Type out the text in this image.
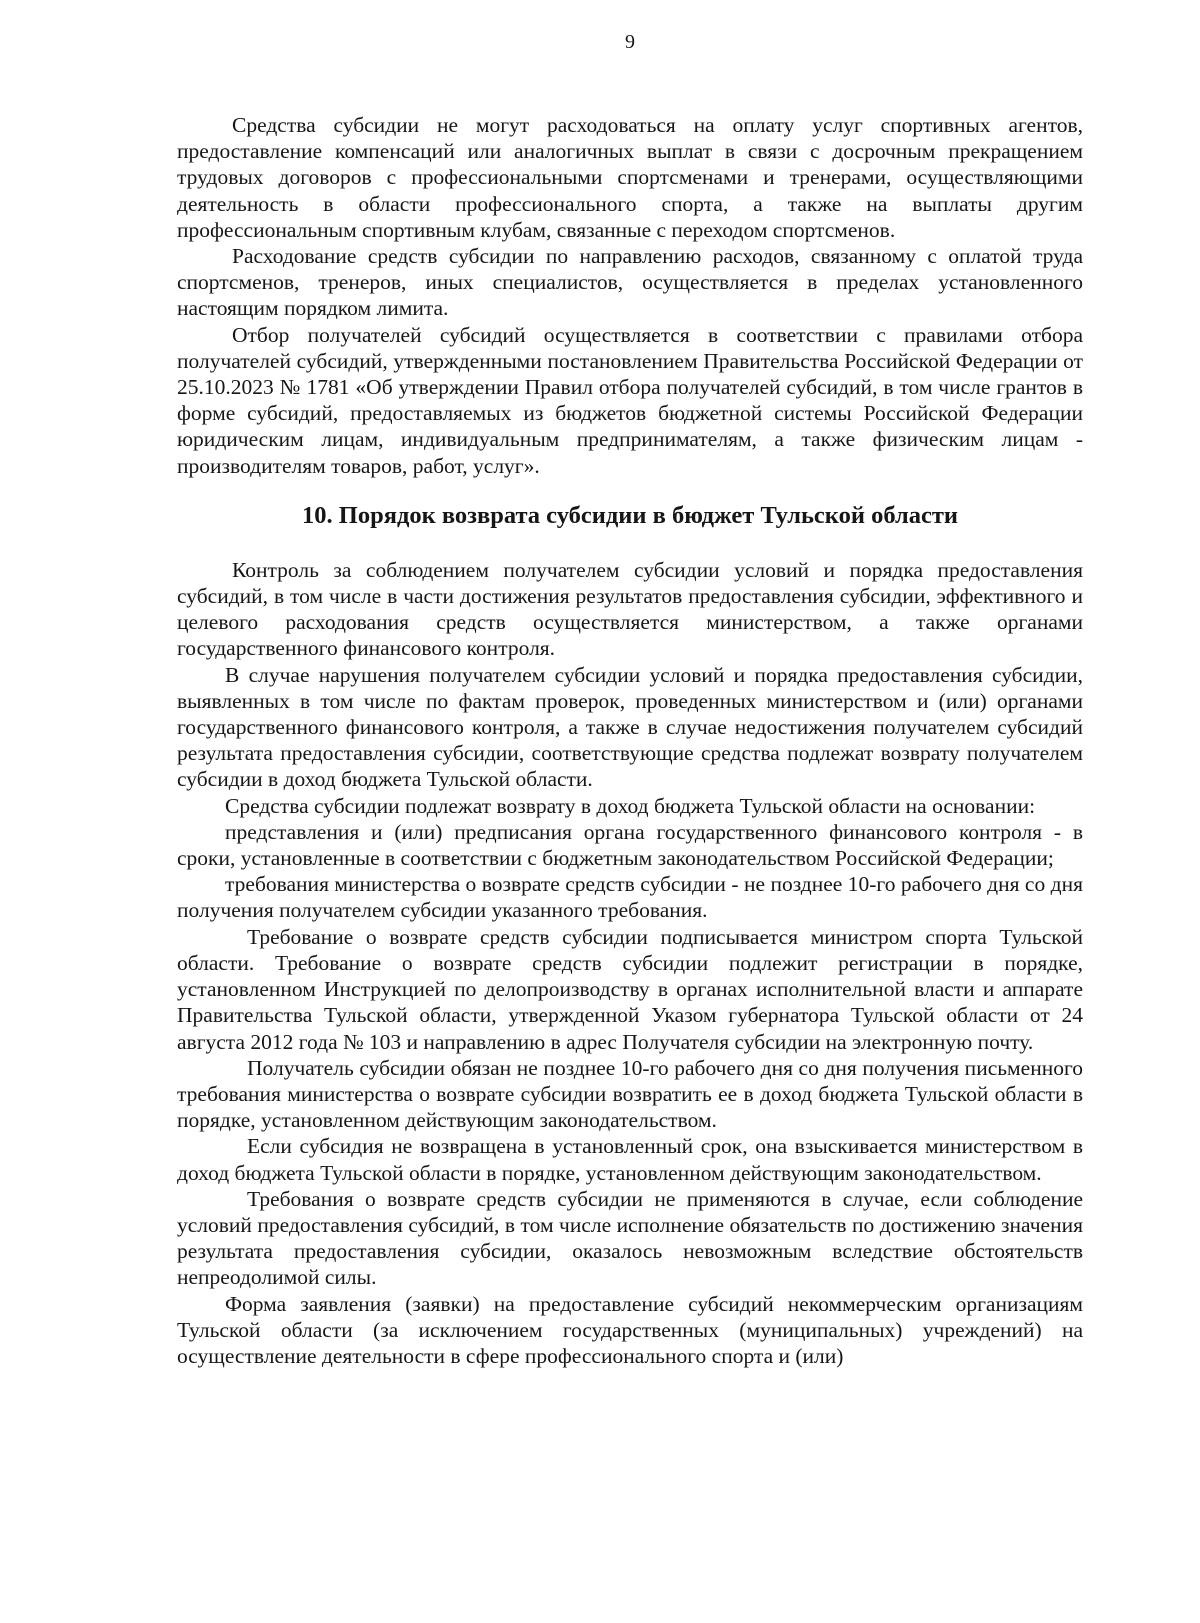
9

Средства субсидии не могут расходоваться на оплату услуг спортивных агентов, предоставление компенсаций или аналогичных выплат в связи с досрочным прекращением трудовых договоров с профессиональными спортсменами и тренерами, осуществляющими деятельность в области профессионального спорта, а также на выплаты другим профессиональным спортивным клубам, связанные с переходом спортсменов.

Расходование средств субсидии по направлению расходов, связанному с оплатой труда спортсменов, тренеров, иных специалистов, осуществляется в пределах установленного настоящим порядком лимита.

Отбор получателей субсидий осуществляется в соответствии с правилами отбора получателей субсидий, утвержденными постановлением Правительства Российской Федерации от 25.10.2023 № 1781 «Об утверждении Правил отбора получателей субсидий, в том числе грантов в форме субсидий, предоставляемых из бюджетов бюджетной системы Российской Федерации юридическим лицам, индивидуальным предпринимателям, а также физическим лицам - производителям товаров, работ, услуг».

10. Порядок возврата субсидии в бюджет Тульской области

Контроль за соблюдением получателем субсидии условий и порядка предоставления субсидий, в том числе в части достижения результатов предоставления субсидии, эффективного и целевого расходования средств осуществляется министерством, а также органами государственного финансового контроля.

В случае нарушения получателем субсидии условий и порядка предоставления субсидии, выявленных в том числе по фактам проверок, проведенных министерством и (или) органами государственного финансового контроля, а также в случае недостижения получателем субсидий результата предоставления субсидии, соответствующие средства подлежат возврату получателем субсидии в доход бюджета Тульской области.

Средства субсидии подлежат возврату в доход бюджета Тульской области на основании:

представления и (или) предписания органа государственного финансового контроля - в сроки, установленные в соответствии с бюджетным законодательством Российской Федерации;

требования министерства о возврате средств субсидии - не позднее 10-го рабочего дня со дня получения получателем субсидии указанного требования.

Требование о возврате средств субсидии подписывается министром спорта Тульской области. Требование о возврате средств субсидии подлежит регистрации в порядке, установленном Инструкцией по делопроизводству в органах исполнительной власти и аппарате Правительства Тульской области, утвержденной Указом губернатора Тульской области от 24 августа 2012 года № 103 и направлению в адрес Получателя субсидии на электронную почту.

Получатель субсидии обязан не позднее 10-го рабочего дня со дня получения письменного требования министерства о возврате субсидии возвратить ее в доход бюджета Тульской области в порядке, установленном действующим законодательством.

Если субсидия не возвращена в установленный срок, она взыскивается министерством в доход бюджета Тульской области в порядке, установленном действующим законодательством.

Требования о возврате средств субсидии не применяются в случае, если соблюдение условий предоставления субсидий, в том числе исполнение обязательств по достижению значения результата предоставления субсидии, оказалось невозможным вследствие обстоятельств непреодолимой силы.

Форма заявления (заявки) на предоставление субсидий некоммерческим организациям Тульской области (за исключением государственных (муниципальных) учреждений) на осуществление деятельности в сфере профессионального спорта и (или)
